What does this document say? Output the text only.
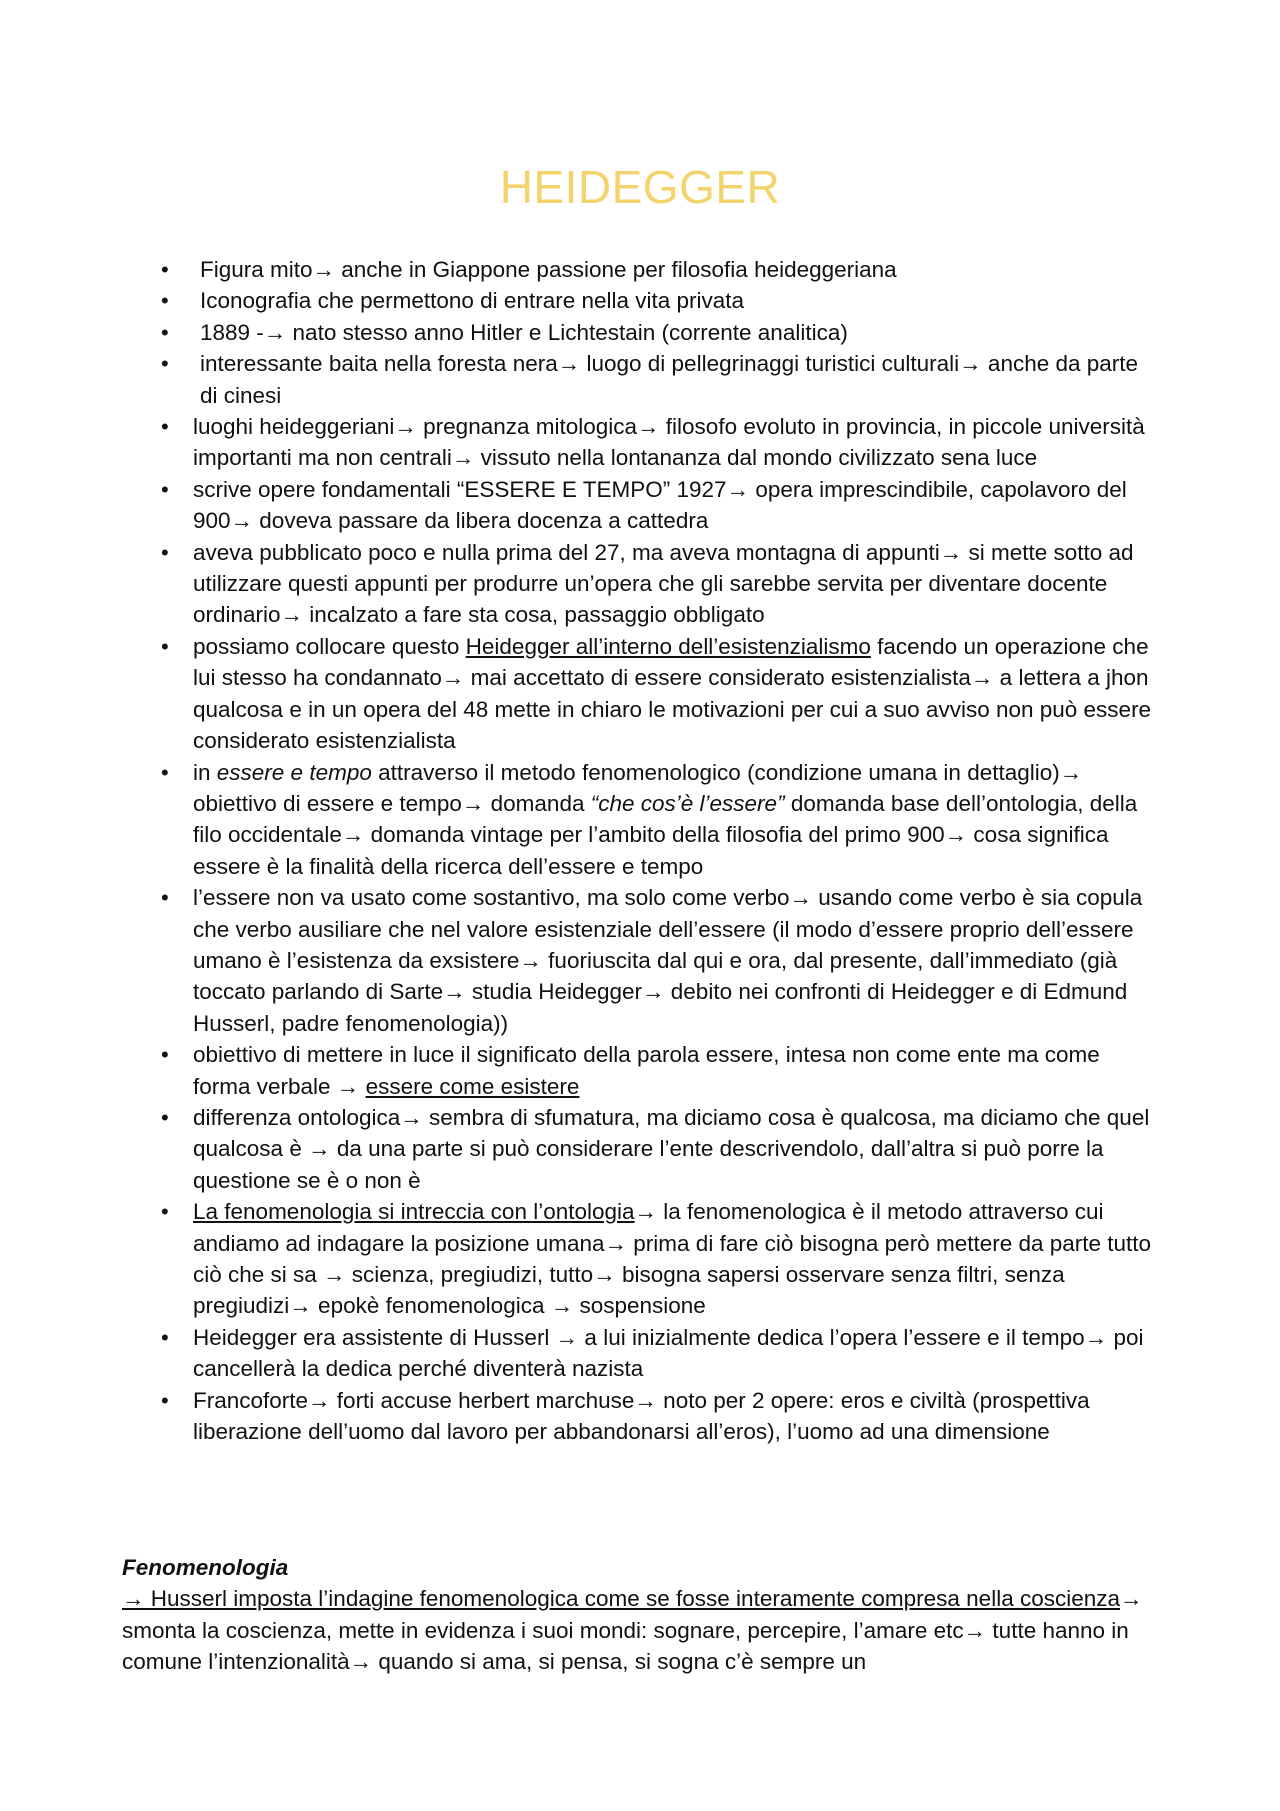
HEIDEGGER
• Figura mito→ anche in Giappone passione per filosofia heideggeriana
• Iconografia che permettono di entrare nella vita privata
• 1889 -→ nato stesso anno Hitler e Lichtestain (corrente analitica)
• interessante baita nella foresta nera→ luogo di pellegrinaggi turistici culturali→ anche da parte di cinesi
• luoghi heideggeriani→ pregnanza mitologica→ filosofo evoluto in provincia, in piccole università importanti ma non centrali→ vissuto nella lontananza dal mondo civilizzato sena luce
• scrive opere fondamentali “ESSERE E TEMPO” 1927→ opera imprescindibile, capolavoro del 900→ doveva passare da libera docenza a cattedra
• aveva pubblicato poco e nulla prima del 27, ma aveva montagna di appunti→ si mette sotto ad utilizzare questi appunti per produrre un’opera che gli sarebbe servita per diventare docente ordinario→ incalzato a fare sta cosa, passaggio obbligato
• possiamo collocare questo Heidegger all’interno dell’esistenzialismo facendo un operazione che lui stesso ha condannato→ mai accettato di essere considerato esistenzialista→ a lettera a jhon qualcosa e in un opera del 48 mette in chiaro le motivazioni per cui a suo avviso non può essere considerato esistenzialista
• in essere e tempo attraverso il metodo fenomenologico (condizione umana in dettaglio)→ obiettivo di essere e tempo→ domanda “che cos’è l’essere” domanda base dell’ontologia, della filo occidentale→ domanda vintage per l’ambito della filosofia del primo 900→ cosa significa essere è la finalità della ricerca dell’essere e tempo
• l’essere non va usato come sostantivo, ma solo come verbo→ usando come verbo è sia copula che verbo ausiliare che nel valore esistenziale dell’essere (il modo d’essere proprio dell’essere umano è l’esistenza da exsistere→ fuoriuscita dal qui e ora, dal presente, dall’immediato (già toccato parlando di Sarte→ studia Heidegger→ debito nei confronti di Heidegger e di Edmund Husserl, padre fenomenologia))
• obiettivo di mettere in luce il significato della parola essere, intesa non come ente ma come forma verbale → essere come esistere
• differenza ontologica→ sembra di sfumatura, ma diciamo cosa è qualcosa, ma diciamo che quel qualcosa è → da una parte si può considerare l’ente descrivendolo, dall’altra si può porre la questione se è o non è
• La fenomenologia si intreccia con l’ontologia→ la fenomenologica è il metodo attraverso cui andiamo ad indagare la posizione umana→ prima di fare ciò bisogna però mettere da parte tutto ciò che si sa → scienza, pregiudizi, tutto→ bisogna sapersi osservare senza filtri, senza pregiudizi→ epokè fenomenologica → sospensione
• Heidegger era assistente di Husserl → a lui inizialmente dedica l’opera l’essere e il tempo→ poi cancellerà la dedica perché diventerà nazista
• Francoforte→ forti accuse herbert marchuse→ noto per 2 opere: eros e civiltà (prospettiva liberazione dell’uomo dal lavoro per abbandonarsi all’eros), l’uomo ad una dimensione
Fenomenologia
→ Husserl imposta l’indagine fenomenologica come se fosse interamente compresa nella coscienza→ smonta la coscienza, mette in evidenza i suoi mondi: sognare, percepire, l’amare etc→ tutte hanno in comune l’intenzionalità→ quando si ama, si pensa, si sogna c’è sempre un
